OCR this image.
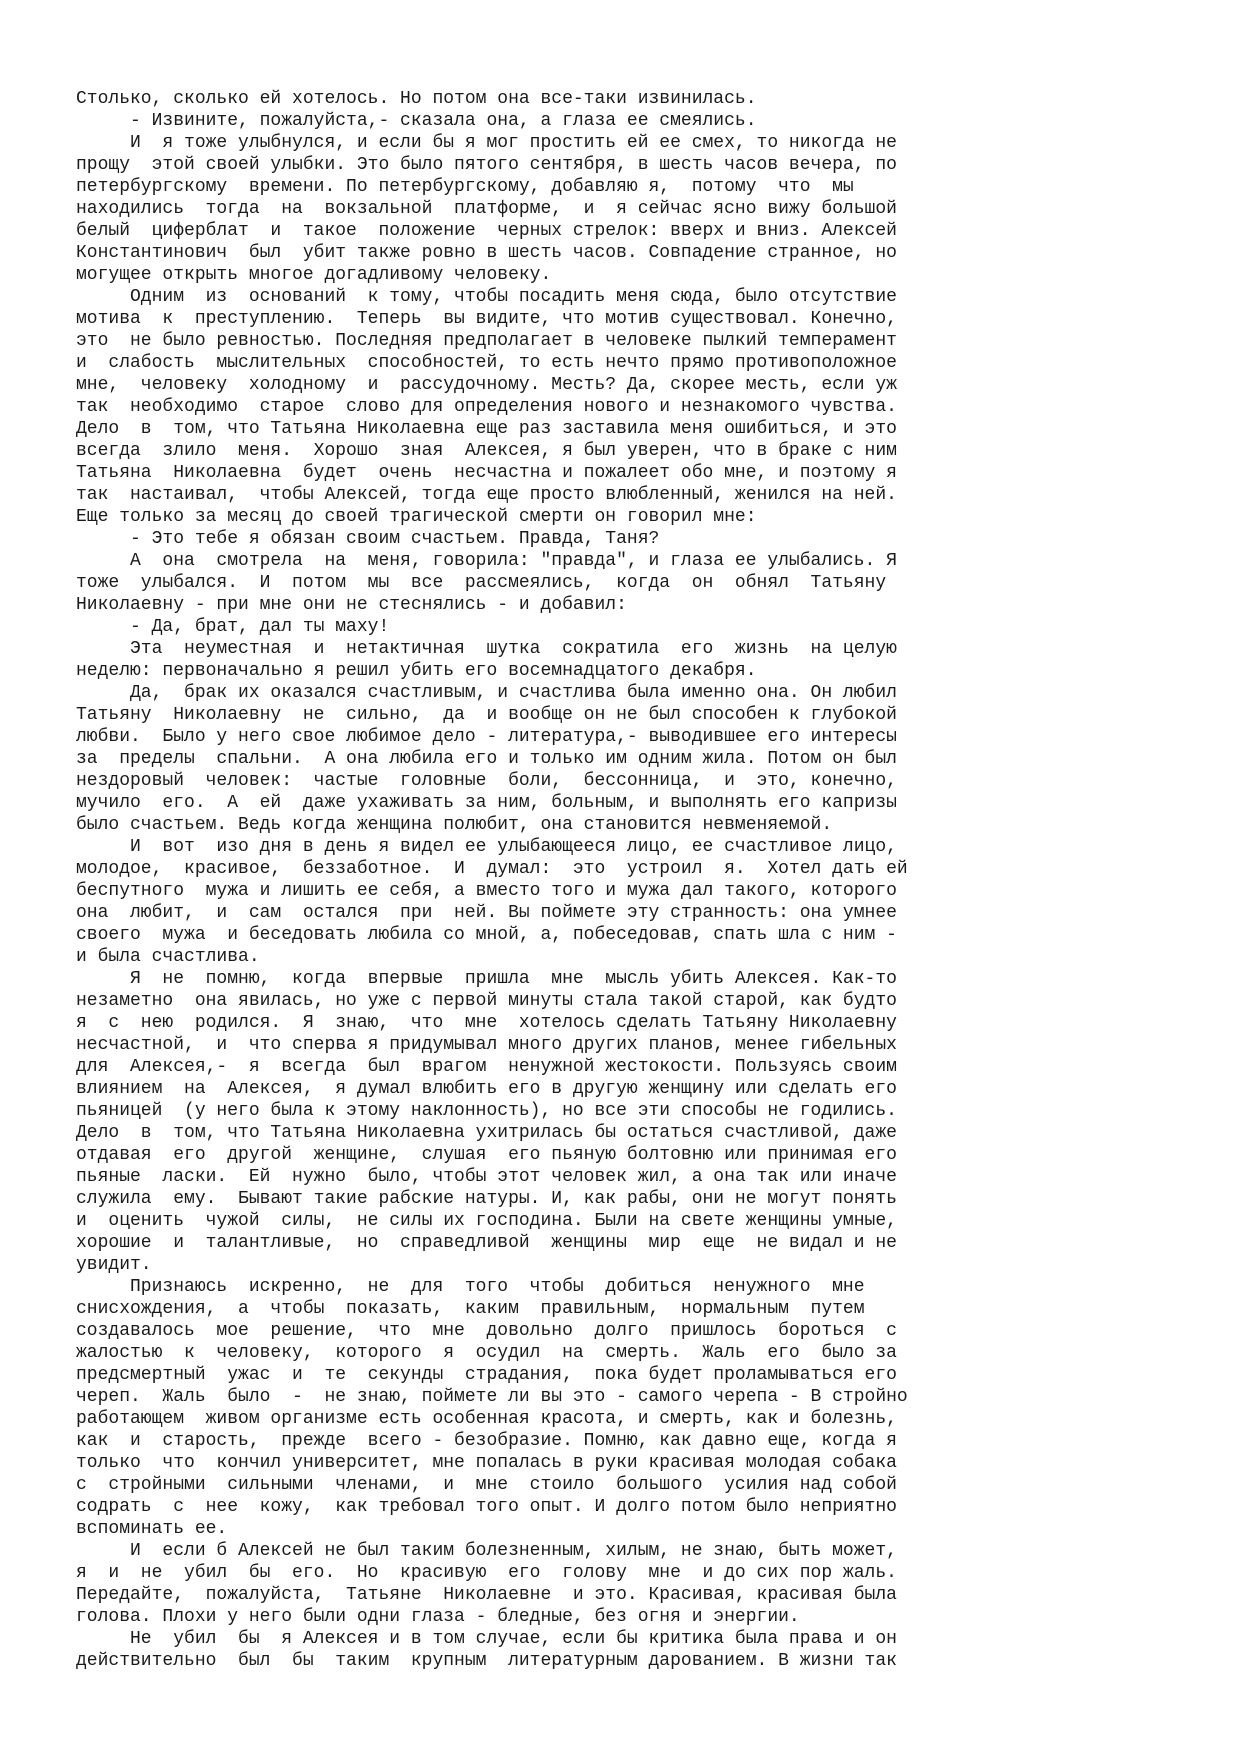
Столько, сколько ей хотелось. Но потом она все-таки извинилась.
- Извините, пожалуйста,- сказала она, а глаза ее смеялись.
И  я тоже улыбнулся, и если бы я мог простить ей ее смех, то никогда не
прощу  этой своей улыбки. Это было пятого сентября, в шесть часов вечера, по
петербургскому  времени. По петербургскому, добавляю я,  потому  что  мы
находились  тогда  на  вокзальной  платформе,  и  я сейчас ясно вижу большой
белый  циферблат  и  такое  положение  черных стрелок: вверх и вниз. Алексей
Константинович  был  убит также ровно в шесть часов. Совпадение странное, но
могущее открыть многое догадливому человеку.
Одним  из  оснований  к тому, чтобы посадить меня сюда, было отсутствие
мотива  к  преступлению.  Теперь  вы видите, что мотив существовал. Конечно,
это  не было ревностью. Последняя предполагает в человеке пылкий темперамент
и  слабость  мыслительных  способностей, то есть нечто прямо противоположное
мне,  человеку  холодному  и  рассудочному. Месть? Да, скорее месть, если уж
так  необходимо  старое  слово для определения нового и незнакомого чувства.
Дело  в  том, что Татьяна Николаевна еще раз заставила меня ошибиться, и это
всегда  злило  меня.  Хорошо  зная  Алексея, я был уверен, что в браке с ним
Татьяна  Николаевна  будет  очень  несчастна и пожалеет обо мне, и поэтому я
так  настаивал,  чтобы Алексей, тогда еще просто влюбленный, женился на ней.
Еще только за месяц до своей трагической смерти он говорил мне:
- Это тебе я обязан своим счастьем. Правда, Таня?
А  она  смотрела  на  меня, говорила: "правда", и глаза ее улыбались. Я
тоже  улыбался.  И  потом  мы  все  рассмеялись,  когда  он  обнял  Татьяну
Николаевну - при мне они не стеснялись - и добавил:
- Да, брат, дал ты маху!
Эта  неуместная  и  нетактичная  шутка  сократила  его  жизнь  на целую
неделю: первоначально я решил убить его восемнадцатого декабря.
Да,  брак их оказался счастливым, и счастлива была именно она. Он любил
Татьяну  Николаевну  не  сильно,  да  и вообще он не был способен к глубокой
любви.  Было у него свое любимое дело - литература,- выводившее его интересы
за  пределы  спальни.  А она любила его и только им одним жила. Потом он был
нездоровый  человек:  частые  головные  боли,  бессонница,  и  это, конечно,
мучило  его.  А  ей  даже ухаживать за ним, больным, и выполнять его капризы
было счастьем. Ведь когда женщина полюбит, она становится невменяемой.
И  вот  изо дня в день я видел ее улыбающееся лицо, ее счастливое лицо,
молодое,  красивое,  беззаботное.  И  думал:  это  устроил  я.  Хотел дать ей
беспутного  мужа и лишить ее себя, а вместо того и мужа дал такого, которого
она  любит,  и  сам  остался  при  ней. Вы поймете эту странность: она умнее
своего  мужа  и беседовать любила со мной, а, побеседовав, спать шла с ним -
и была счастлива.
Я  не  помню,  когда  впервые  пришла  мне  мысль убить Алексея. Как-то
незаметно  она явилась, но уже с первой минуты стала такой старой, как будто
я  с  нею  родился.  Я  знаю,  что  мне  хотелось сделать Татьяну Николаевну
несчастной,  и  что сперва я придумывал много других планов, менее гибельных
для  Алексея,-  я  всегда  был  врагом  ненужной жестокости. Пользуясь своим
влиянием  на  Алексея,  я думал влюбить его в другую женщину или сделать его
пьяницей  (у него была к этому наклонность), но все эти способы не годились.
Дело  в  том, что Татьяна Николаевна ухитрилась бы остаться счастливой, даже
отдавая  его  другой  женщине,  слушая  его пьяную болтовню или принимая его
пьяные  ласки.  Ей  нужно  было, чтобы этот человек жил, а она так или иначе
служила  ему.  Бывают такие рабские натуры. И, как рабы, они не могут понять
и  оценить  чужой  силы,  не силы их господина. Были на свете женщины умные,
хорошие  и  талантливые,  но  справедливой  женщины  мир  еще  не видал и не
увидит.
Признаюсь  искренно,  не  для  того  чтобы  добиться  ненужного  мне
снисхождения,  а  чтобы  показать,  каким  правильным,  нормальным  путем
создавалось  мое  решение,  что  мне  довольно  долго  пришлось  бороться  с
жалостью  к  человеку,  которого  я  осудил  на  смерть.  Жаль  его  было за
предсмертный  ужас  и  те  секунды  страдания,  пока будет проламываться его
череп.  Жаль  было  -  не знаю, поймете ли вы это - самого черепа - В стройно
работающем  живом организме есть особенная красота, и смерть, как и болезнь,
как  и  старость,  прежде  всего - безобразие. Помню, как давно еще, когда я
только  что  кончил университет, мне попалась в руки красивая молодая собака
с  стройными  сильными  членами,  и  мне  стоило  большого  усилия над собой
содрать  с  нее  кожу,  как требовал того опыт. И долго потом было неприятно
вспоминать ее.
И  если б Алексей не был таким болезненным, хилым, не знаю, быть может,
я  и  не  убил  бы  его.  Но  красивую  его  голову  мне  и до сих пор жаль.
Передайте,  пожалуйста,  Татьяне  Николаевне  и это. Красивая, красивая была
голова. Плохи у него были одни глаза - бледные, без огня и энергии.
Не  убил  бы  я Алексея и в том случае, если бы критика была права и он
действительно  был  бы  таким  крупным  литературным дарованием. В жизни так
